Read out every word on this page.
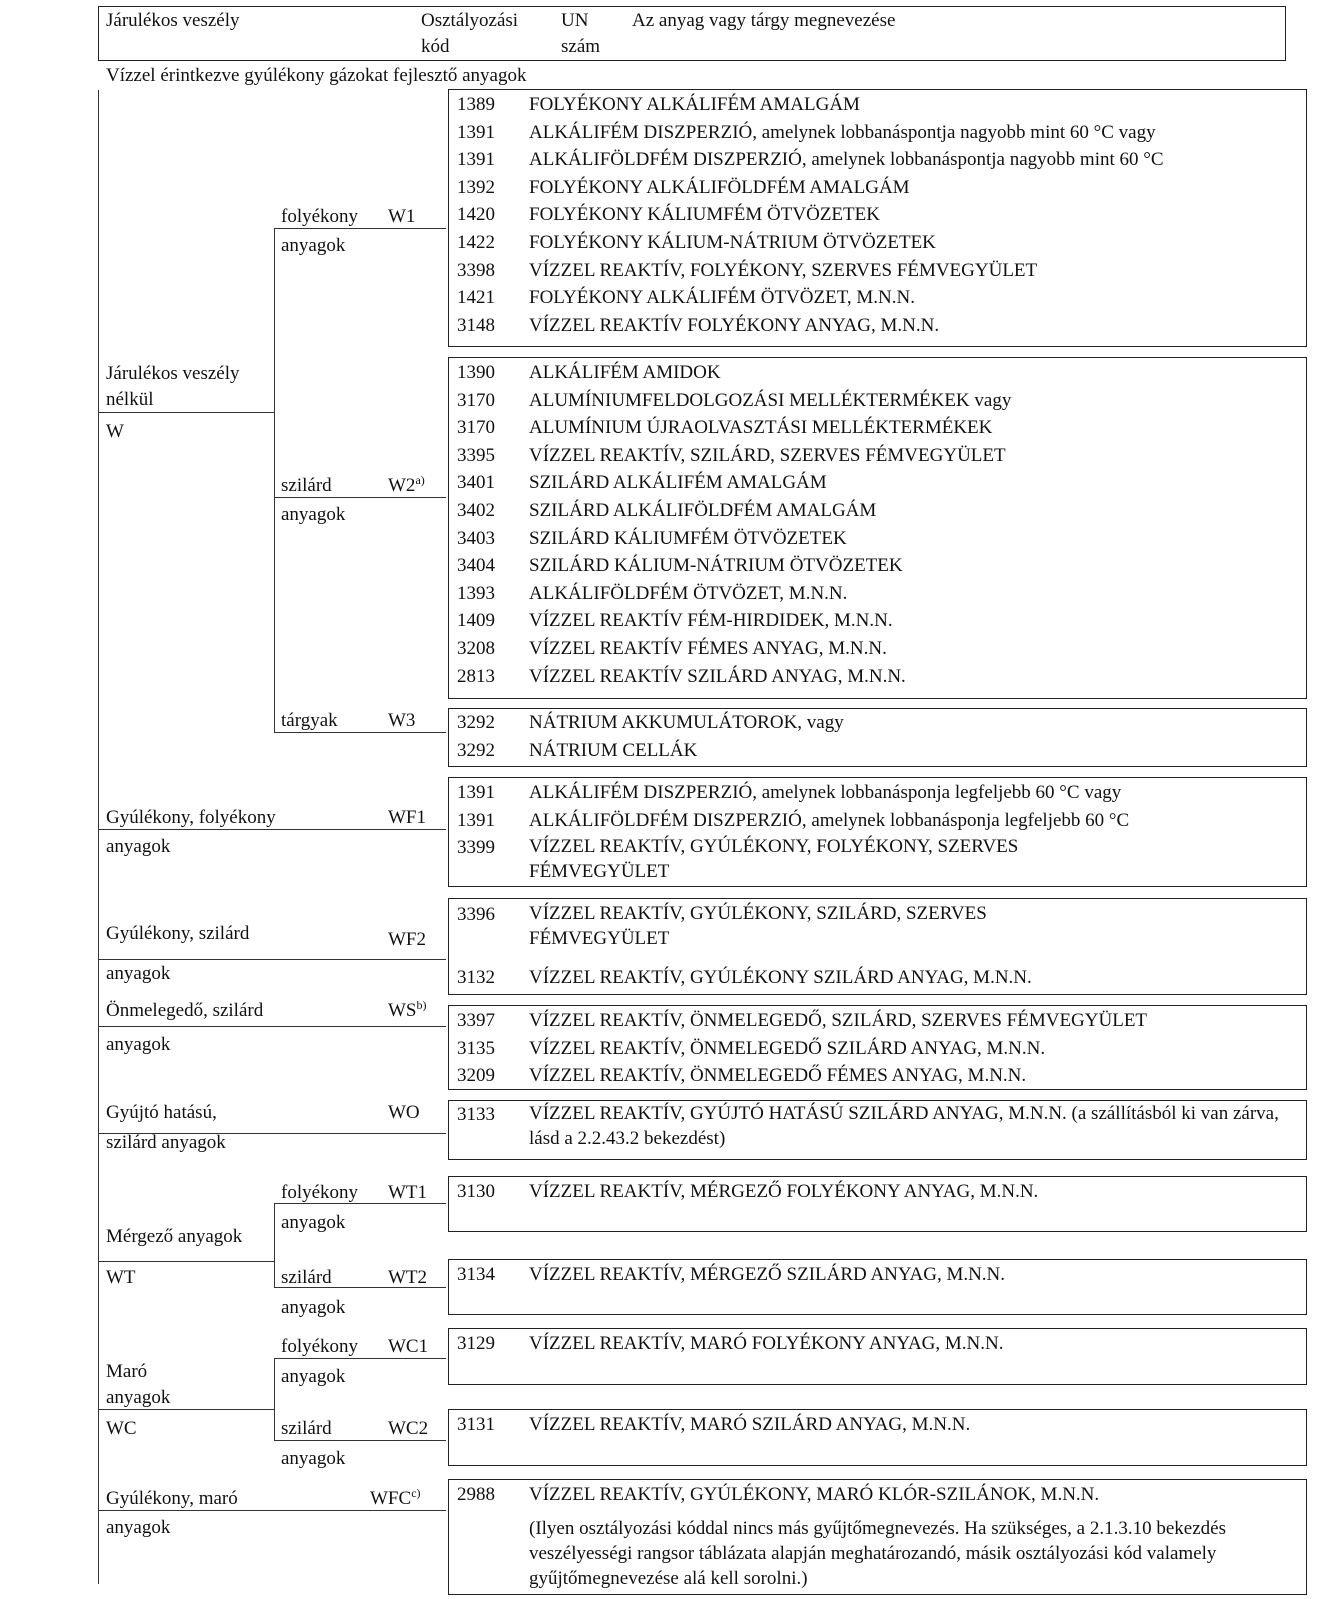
Járulékos veszély	Osztályozási
kód
UN
szám
Az anyag vagy tárgy megnevezése
Vízzel érintkezve gyúlékony gázokat fejlesztő anyagok
Járulékos veszély
nélkül
W
folyékony
anyagok
W1
szilárd
anyagok
W2$^{a)}$
tárgyak	W3
Gyúlékony, folyékony
anyagok
WF1
Gyúlékony, szilárd
anyagok
WF2
Önmelegedő, szilárd
anyagok
WS$^{b)}$
Gyújtó hatású,
szilárd anyagok
WO
Mérgező anyagok
WT
folyékony
anyagok
WT1
szilárd
anyagok
WT2
Maró
anyagok
WC
folyékony
anyagok
WC1
szilárd
anyagok
WC2
Gyúlékony, maró
anyagok
WFC$^{c)}$
1389 FOLYÉKONY ALKÁLIFÉM AMALGÁM
1391 ALKÁLIFÉM DISZPERZIÓ, amelynek lobbanáspontja nagyobb mint 60 °C vagy
1391 ALKÁLIFÖLDFÉM DISZPERZIÓ, amelynek lobbanáspontja nagyobb mint 60 °C
1392 FOLYÉKONY ALKÁLIFÖLDFÉM AMALGÁM
1420 FOLYÉKONY KÁLIUMFÉM ÖTVÖZETEK
1422 FOLYÉKONY KÁLIUM-NÁTRIUM ÖTVÖZETEK
3398 VÍZZEL REAKTÍV, FOLYÉKONY, SZERVES FÉMVEGYÜLET
1421 FOLYÉKONY ALKÁLIFÉM ÖTVÖZET, M.N.N.
3148 VÍZZEL REAKTÍV FOLYÉKONY ANYAG, M.N.N.
1390 ALKÁLIFÉM AMIDOK
3170 ALUMÍNIUMFELDOLGOZÁSI MELLÉKTERMÉKEK vagy
3170 ALUMÍNIUM ÚJRAOLVASZTÁSI MELLÉKTERMÉKEK
3395 VÍZZEL REAKTÍV, SZILÁRD, SZERVES FÉMVEGYÜLET
3401 SZILÁRD ALKÁLIFÉM AMALGÁM
3402 SZILÁRD ALKÁLIFÖLDFÉM AMALGÁM
3403 SZILÁRD KÁLIUMFÉM ÖTVÖZETEK
3404 SZILÁRD KÁLIUM-NÁTRIUM ÖTVÖZETEK
1393 ALKÁLIFÖLDFÉM ÖTVÖZET, M.N.N.
1409 VÍZZEL REAKTÍV FÉM-HIRDIDEK, M.N.N.
3208 VÍZZEL REAKTÍV FÉMES ANYAG, M.N.N.
2813 VÍZZEL REAKTÍV SZILÁRD ANYAG, M.N.N.
3292 NÁTRIUM AKKUMULÁTOROK, vagy
3292 NÁTRIUM CELLÁK
1391 ALKÁLIFÉM DISZPERZIÓ, amelynek lobbanásponja legfeljebb 60 °C vagy
1391 ALKÁLIFÖLDFÉM DISZPERZIÓ, amelynek lobbanásponja legfeljebb 60 °C
3399 VÍZZEL REAKTÍV, GYÚLÉKONY, FOLYÉKONY, SZERVES FÉMVEGYÜLET
3396 VÍZZEL REAKTÍV, GYÚLÉKONY, SZILÁRD, SZERVES FÉMVEGYÜLET
3132 VÍZZEL REAKTÍV, GYÚLÉKONY SZILÁRD ANYAG, M.N.N.
3397 VÍZZEL REAKTÍV, ÖNMELEGEDŐ, SZILÁRD, SZERVES FÉMVEGYÜLET
3135 VÍZZEL REAKTÍV, ÖNMELEGEDŐ SZILÁRD ANYAG, M.N.N.
3209 VÍZZEL REAKTÍV, ÖNMELEGEDŐ FÉMES ANYAG, M.N.N.
3133 VÍZZEL REAKTÍV, GYÚJTÓ HATÁSÚ SZILÁRD ANYAG, M.N.N. (a szállításból ki van zárva, lásd a 2.2.43.2 bekezdést)
3130 VÍZZEL REAKTÍV, MÉRGEZŐ FOLYÉKONY ANYAG, M.N.N.
3134 VÍZZEL REAKTÍV, MÉRGEZŐ SZILÁRD ANYAG, M.N.N.
3129 VÍZZEL REAKTÍV, MARÓ FOLYÉKONY ANYAG, M.N.N.
3131 VÍZZEL REAKTÍV, MARÓ SZILÁRD ANYAG, M.N.N.
2988 VÍZZEL REAKTÍV, GYÚLÉKONY, MARÓ KLÓR-SZILÁNOK, M.N.N.
(Ilyen osztályozási kóddal nincs más gyűjtőmegnevezés. Ha szükséges, a 2.1.3.10 bekezdés veszélyességi rangsor táblázata alapján meghatározandó, másik osztályozási kód valamely gyűjtőmegnevezése alá kell sorolni.)
